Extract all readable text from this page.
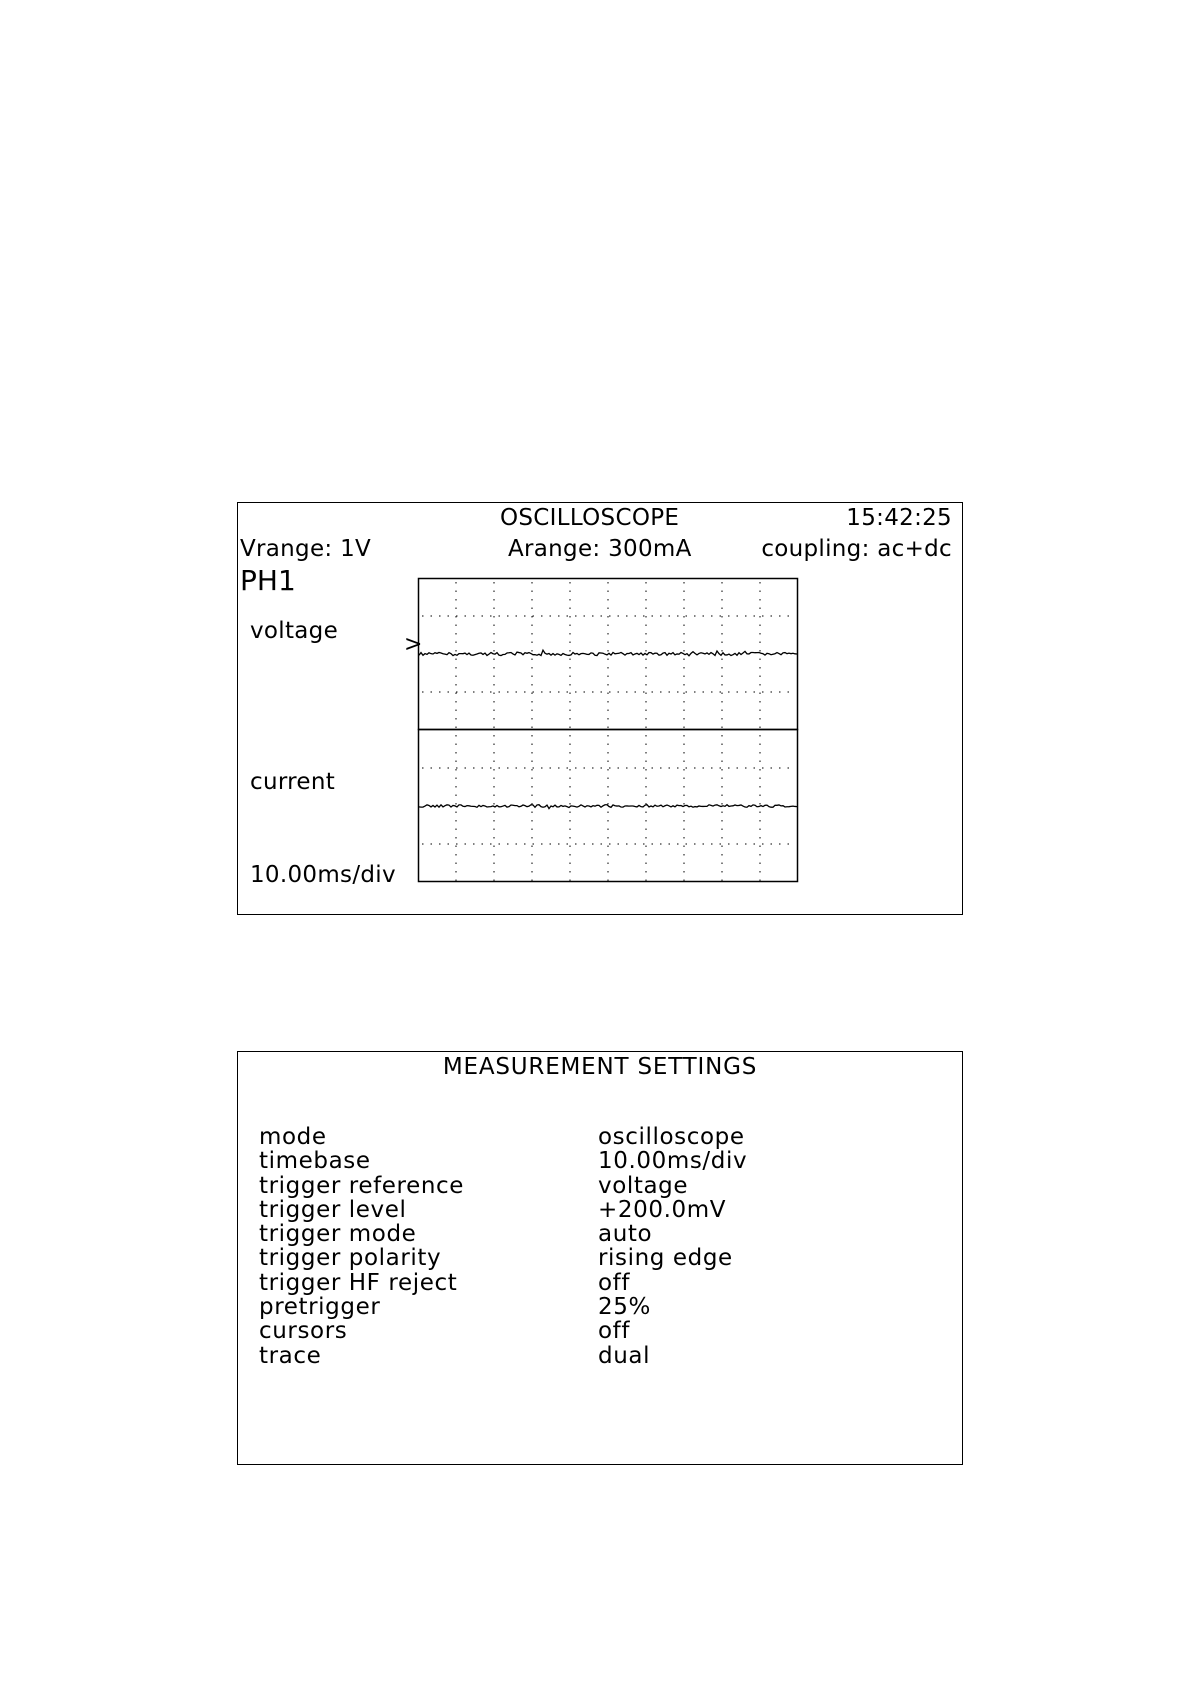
OSCILLOSCOPE	15:42:25
Vrange: 1V	Arange: 300mA	coupling: ac+dc
PH1
voltage
current
10.00ms/div
>
MEASUREMENT SETTINGS
mode	oscilloscope
timebase	10.00ms/div
trigger reference	voltage
trigger level	+200.0mV
trigger mode	auto
trigger polarity	rising edge
trigger HF reject	off
pretrigger	25%
cursors	off
trace	dual
